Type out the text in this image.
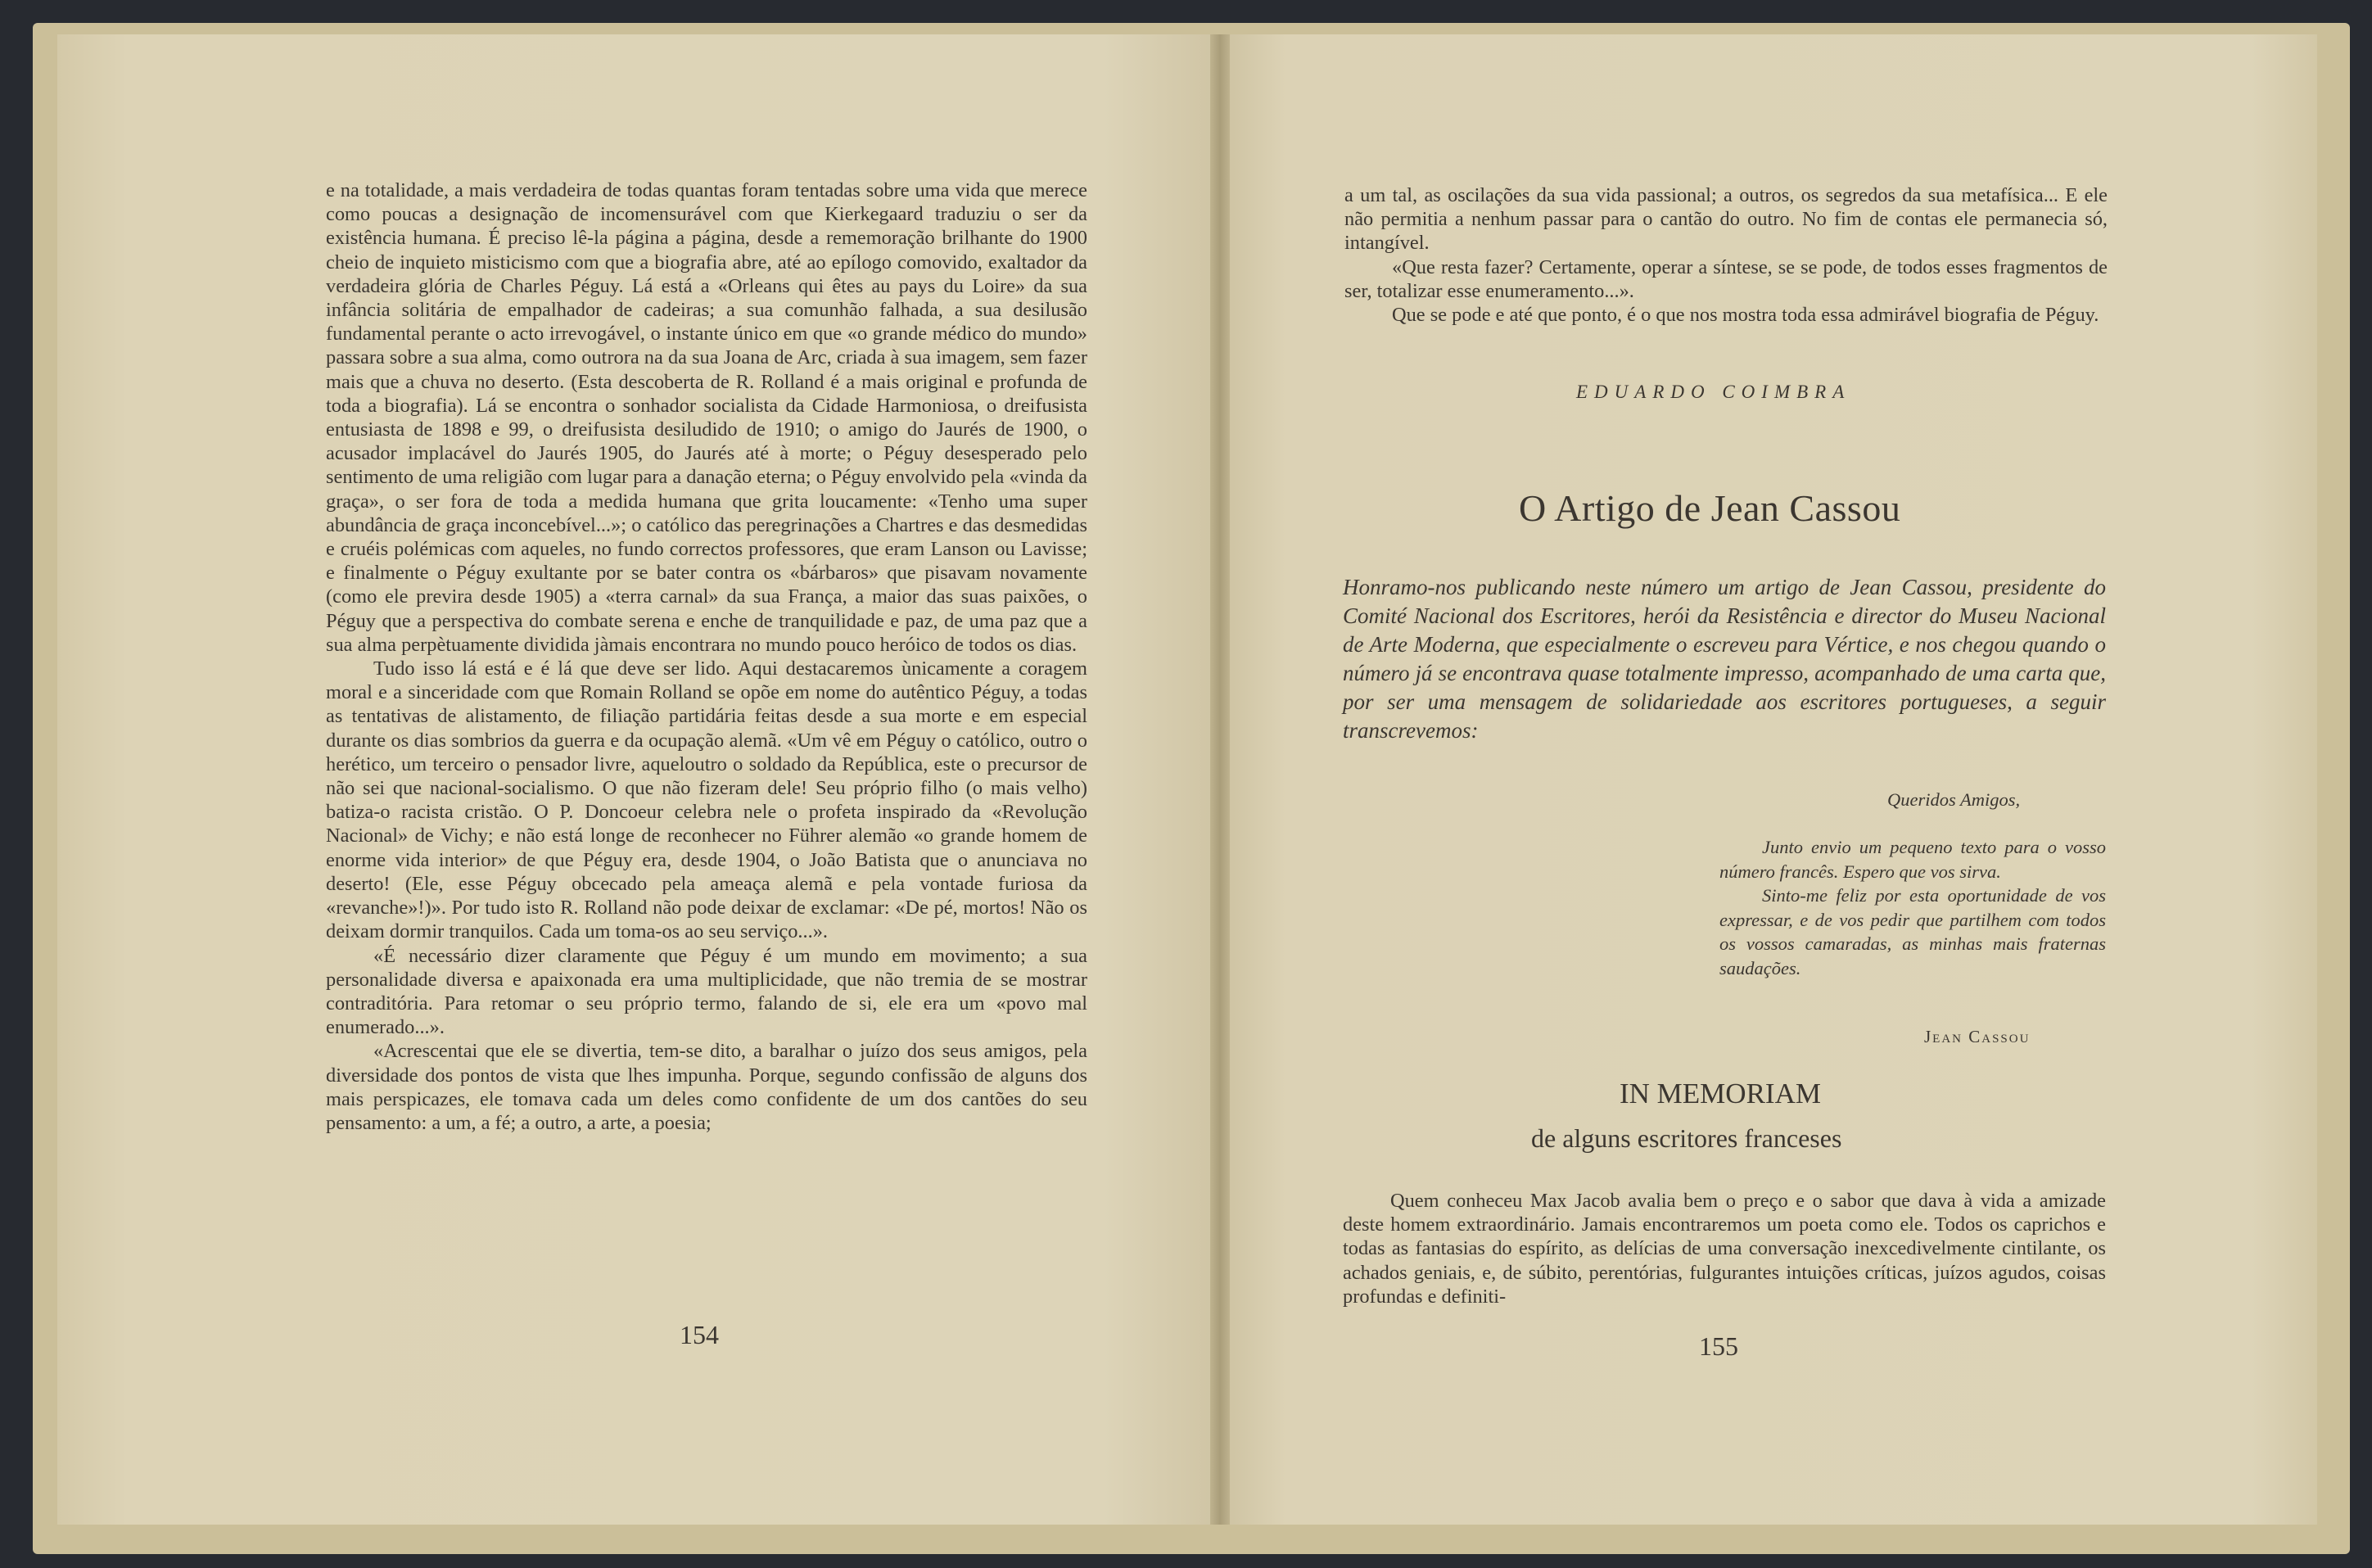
e na totalidade, a mais verdadeira de todas quantas foram tentadas sobre uma vida que merece como poucas a designação de incomensurável com que Kierkegaard traduziu o ser da existência humana. É preciso lê-la página a página, desde a rememoração brilhante do 1900 cheio de inquieto misticismo com que a biografia abre, até ao epílogo comovido, exaltador da verdadeira glória de Charles Péguy. Lá está a «Orleans qui êtes au pays du Loire» da sua infância solitária de empalhador de cadeiras; a sua comunhão falhada, a sua desilusão fundamental perante o acto irrevogável, o instante único em que «o grande médico do mundo» passara sobre a sua alma, como outrora na da sua Joana de Arc, criada à sua imagem, sem fazer mais que a chuva no deserto. (Esta descoberta de R. Rolland é a mais original e profunda de toda a biografia). Lá se encontra o sonhador socialista da Cidade Harmoniosa, o dreifusista entusiasta de 1898 e 99, o dreifusista desiludido de 1910; o amigo do Jaurés de 1900, o acusador implacável do Jaurés 1905, do Jaurés até à morte; o Péguy desesperado pelo sentimento de uma religião com lugar para a danação eterna; o Péguy envolvido pela «vinda da graça», o ser fora de toda a medida humana que grita loucamente: «Tenho uma super abundância de graça inconcebível...»; o católico das peregrinações a Chartres e das desmedidas e cruéis polémicas com aqueles, no fundo correctos professores, que eram Lanson ou Lavisse; e finalmente o Péguy exultante por se bater contra os «bárbaros» que pisavam novamente (como ele previra desde 1905) a «terra carnal» da sua França, a maior das suas paixões, o Péguy que a perspectiva do combate serena e enche de tranquilidade e paz, de uma paz que a sua alma perpètuamente dividida jàmais encontrara no mundo pouco heróico de todos os dias.

Tudo isso lá está e é lá que deve ser lido. Aqui destacaremos ùnicamente a coragem moral e a sinceridade com que Romain Rolland se opõe em nome do autêntico Péguy, a todas as tentativas de alistamento, de filiação partidária feitas desde a sua morte e em especial durante os dias sombrios da guerra e da ocupação alemã. «Um vê em Péguy o católico, outro o herético, um terceiro o pensador livre, aqueloutro o soldado da República, este o precursor de não sei que nacional-socialismo. O que não fizeram dele! Seu próprio filho (o mais velho) batiza-o racista cristão. O P. Doncoeur celebra nele o profeta inspirado da «Revolução Nacional» de Vichy; e não está longe de reconhecer no Führer alemão «o grande homem de enorme vida interior» de que Péguy era, desde 1904, o João Batista que o anunciava no deserto! (Ele, esse Péguy obcecado pela ameaça alemã e pela vontade furiosa da «revanche»!)». Por tudo isto R. Rolland não pode deixar de exclamar: «De pé, mortos! Não os deixam dormir tranquilos. Cada um toma-os ao seu serviço...».

«É necessário dizer claramente que Péguy é um mundo em movimento; a sua personalidade diversa e apaixonada era uma multiplicidade, que não tremia de se mostrar contraditória. Para retomar o seu próprio termo, falando de si, ele era um «povo mal enumerado...».

«Acrescentai que ele se divertia, tem-se dito, a baralhar o juízo dos seus amigos, pela diversidade dos pontos de vista que lhes impunha. Porque, segundo confissão de alguns dos mais perspicazes, ele tomava cada um deles como confidente de um dos cantões do seu pensamento: a um, a fé; a outro, a arte, a poesia;

154

a um tal, as oscilações da sua vida passional; a outros, os segredos da sua metafísica... E ele não permitia a nenhum passar para o cantão do outro. No fim de contas ele permanecia só, intangível.

«Que resta fazer? Certamente, operar a síntese, se se pode, de todos esses fragmentos de ser, totalizar esse enumeramento...».

Que se pode e até que ponto, é o que nos mostra toda essa admirável biografia de Péguy.

EDUARDO COIMBRA
O Artigo de Jean Cassou
Honramo-nos publicando neste número um artigo de Jean Cassou, presidente do Comité Nacional dos Escritores, herói da Resistência e director do Museu Nacional de Arte Moderna, que especialmente o escreveu para Vértice, e nos chegou quando o número já se encontrava quase totalmente impresso, acompanhado de uma carta que, por ser uma mensagem de solidariedade aos escritores portugueses, a seguir transcrevemos:
Queridos Amigos,
Junto envio um pequeno texto para o vosso número francês. Espero que vos sirva.
Sinto-me feliz por esta oportunidade de vos expressar, e de vos pedir que partilhem com todos os vossos camaradas, as minhas mais fraternas saudações.
Jean Cassou
IN MEMORIAM
de alguns escritores franceses

Quem conheceu Max Jacob avalia bem o preço e o sabor que dava à vida a amizade deste homem extraordinário. Jamais encontraremos um poeta como ele. Todos os caprichos e todas as fantasias do espírito, as delícias de uma conversação inexcedivelmente cintilante, os achados geniais, e, de súbito, perentórias, fulgurantes intuições críticas, juízos agudos, coisas profundas e definiti-

155
